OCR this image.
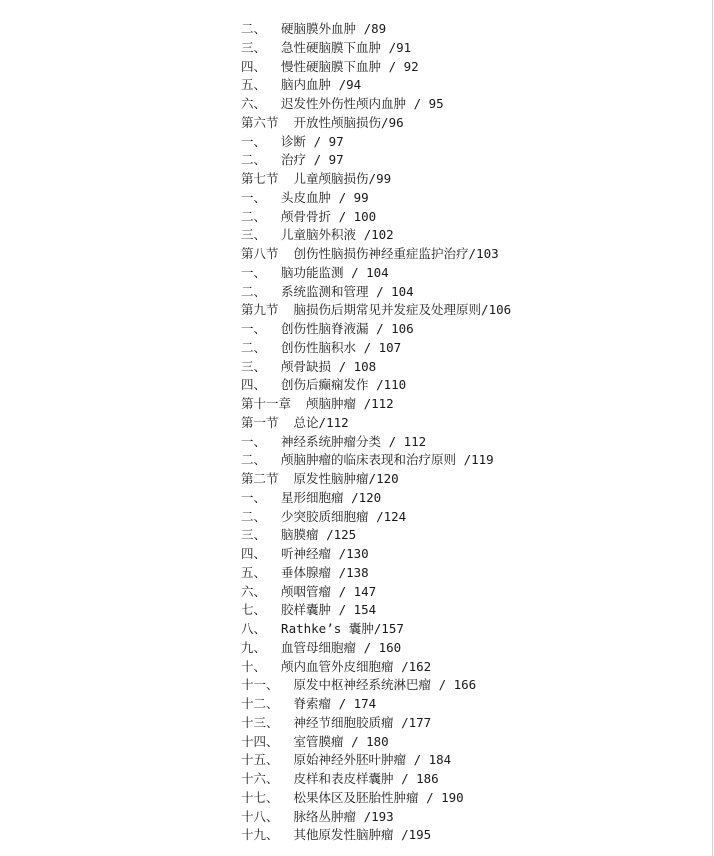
二、  硬脑膜外血肿 /89
三、  急性硬脑膜下血肿 /91
四、  慢性硬脑膜下血肿 / 92
五、  脑内血肿 /94
六、  迟发性外伤性颅内血肿 / 95
第六节  开放性颅脑损伤/96
一、  诊断 / 97
二、  治疗 / 97
第七节  儿童颅脑损伤/99
一、  头皮血肿 / 99
二、  颅骨骨折 / 100
三、  儿童脑外积液 /102
第八节  创伤性脑损伤神经重症监护治疗/103
一、  脑功能监测 / 104
二、  系统监测和管理 / 104
第九节  脑损伤后期常见并发症及处理原则/106
一、  创伤性脑脊液漏 / 106
二、  创伤性脑积水 / 107
三、  颅骨缺损 / 108
四、  创伤后癫痫发作 /110
第十一章  颅脑肿瘤 /112
第一节  总论/112
一、  神经系统肿瘤分类 / 112
二、  颅脑肿瘤的临床表现和治疗原则 /119
第二节  原发性脑肿瘤/120
一、  星形细胞瘤 /120
二、  少突胶质细胞瘤 /124
三、  脑膜瘤 /125
四、  听神经瘤 /130
五、  垂体腺瘤 /138
六、  颅咽管瘤 / 147
七、  胶样囊肿 / 154
八、  Rathke’s 囊肿/157
九、  血管母细胞瘤 / 160
十、  颅内血管外皮细胞瘤 /162
十一、  原发中枢神经系统淋巴瘤 / 166
十二、  脊索瘤 / 174
十三、  神经节细胞胶质瘤 /177
十四、  室管膜瘤 / 180
十五、  原始神经外胚叶肿瘤 / 184
十六、  皮样和表皮样囊肿 / 186
十七、  松果体区及胚胎性肿瘤 / 190
十八、  脉络丛肿瘤 /193
十九、  其他原发性脑肿瘤 /195
